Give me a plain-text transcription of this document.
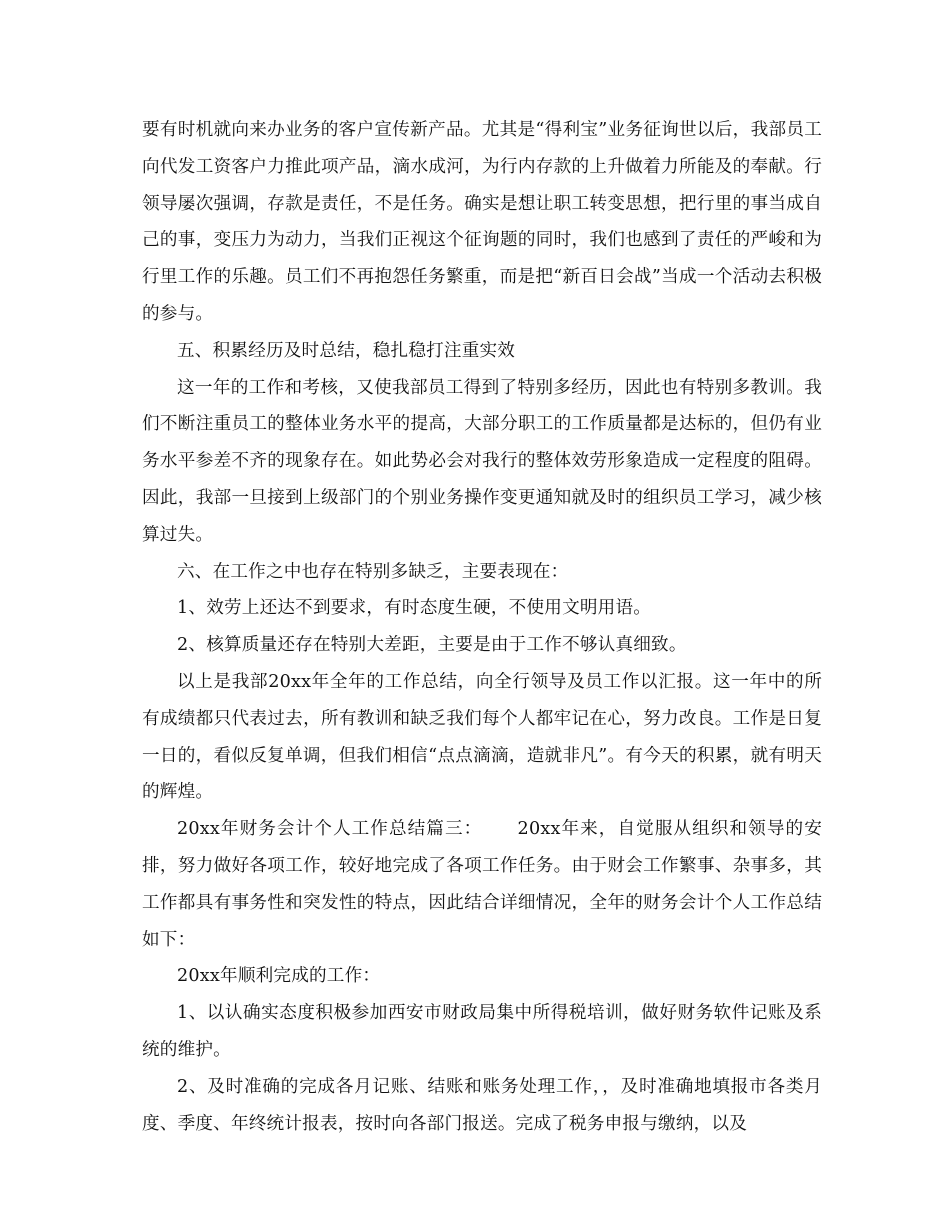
要有时机就向来办业务的客户宣传新产品。尤其是“得利宝”业务征询世以后，我部员工向代发工资客户力推此项产品，滴水成河，为行内存款的上升做着力所能及的奉献。行领导屡次强调，存款是责任，不是任务。确实是想让职工转变思想，把行里的事当成自己的事，变压力为动力，当我们正视这个征询题的同时，我们也感到了责任的严峻和为行里工作的乐趣。员工们不再抱怨任务繁重，而是把“新百日会战”当成一个活动去积极的参与。

五、积累经历及时总结，稳扎稳打注重实效

这一年的工作和考核，又使我部员工得到了特别多经历，因此也有特别多教训。我们不断注重员工的整体业务水平的提高，大部分职工的工作质量都是达标的，但仍有业务水平参差不齐的现象存在。如此势必会对我行的整体效劳形象造成一定程度的阻碍。因此，我部一旦接到上级部门的个别业务操作变更通知就及时的组织员工学习，减少核算过失。

六、在工作之中也存在特别多缺乏，主要表现在：

1、效劳上还达不到要求，有时态度生硬，不使用文明用语。

2、核算质量还存在特别大差距，主要是由于工作不够认真细致。

以上是我部20xx年全年的工作总结，向全行领导及员工作以汇报。这一年中的所有成绩都只代表过去，所有教训和缺乏我们每个人都牢记在心，努力改良。工作是日复一日的，看似反复单调，但我们相信“点点滴滴，造就非凡”。有今天的积累，就有明天的辉煌。

20xx年财务会计个人工作总结篇三：　　 20xx年来，自觉服从组织和领导的安排，努力做好各项工作，较好地完成了各项工作任务。由于财会工作繁事、杂事多，其工作都具有事务性和突发性的特点，因此结合详细情况，全年的财务会计个人工作总结如下：

20xx年顺利完成的工作：

1、以认确实态度积极参加西安市财政局集中所得税培训，做好财务软件记账及系统的维护。

2、及时准确的完成各月记账、结账和账务处理工作，，及时准确地填报市各类月度、季度、年终统计报表，按时向各部门报送。完成了税务申报与缴纳，以及
